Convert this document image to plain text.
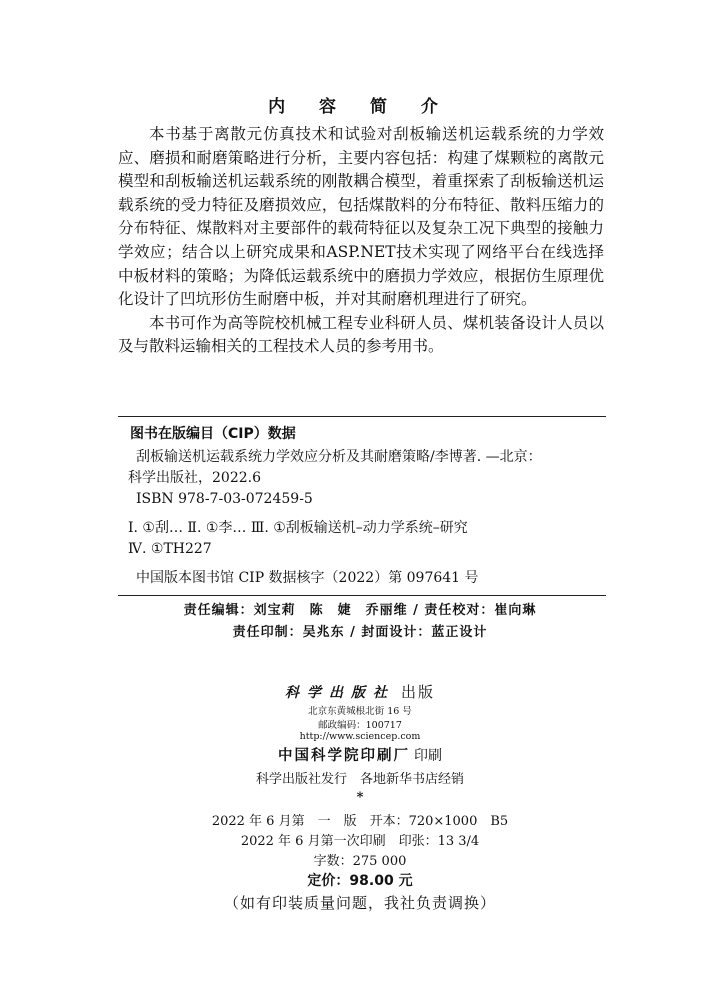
内 容 简 介

本书基于离散元仿真技术和试验对刮板输送机运载系统的力学效应、磨损和耐磨策略进行分析，主要内容包括：构建了煤颗粒的离散元模型和刮板输送机运载系统的刚散耦合模型，着重探索了刮板输送机运载系统的受力特征及磨损效应，包括煤散料的分布特征、散料压缩力的分布特征、煤散料对主要部件的载荷特征以及复杂工况下典型的接触力学效应；结合以上研究成果和ASP.NET技术实现了网络平台在线选择中板材料的策略；为降低运载系统中的磨损力学效应，根据仿生原理优化设计了凹坑形仿生耐磨中板，并对其耐磨机理进行了研究。

本书可作为高等院校机械工程专业科研人员、煤机装备设计人员以及与散料运输相关的工程技术人员的参考用书。

图书在版编目（CIP）数据
刮板输送机运载系统力学效应分析及其耐磨策略/李博著. —北京：
科学出版社，2022.6
ISBN 978-7-03-072459-5
Ⅰ. ①刮… Ⅱ. ①李… Ⅲ. ①刮板输送机–动力学系统–研究
Ⅳ. ①TH227
中国版本图书馆 CIP 数据核字（2022）第 097641 号
责任编辑：刘宝莉　陈　婕　乔丽维 / 责任校对：崔向琳
责任印制：吴兆东 / 封面设计：蓝正设计
科学出版社 出版
北京东黄城根北街 16 号
邮政编码：100717
http://www.sciencep.com
中国科学院印刷厂 印刷
科学出版社发行　各地新华书店经销
*
2022 年 6 月第　一　版　开本：720×1000　B5
2022 年 6 月第一次印刷　印张：13 3/4
字数：275 000
定价：98.00 元
（如有印装质量问题，我社负责调换）
